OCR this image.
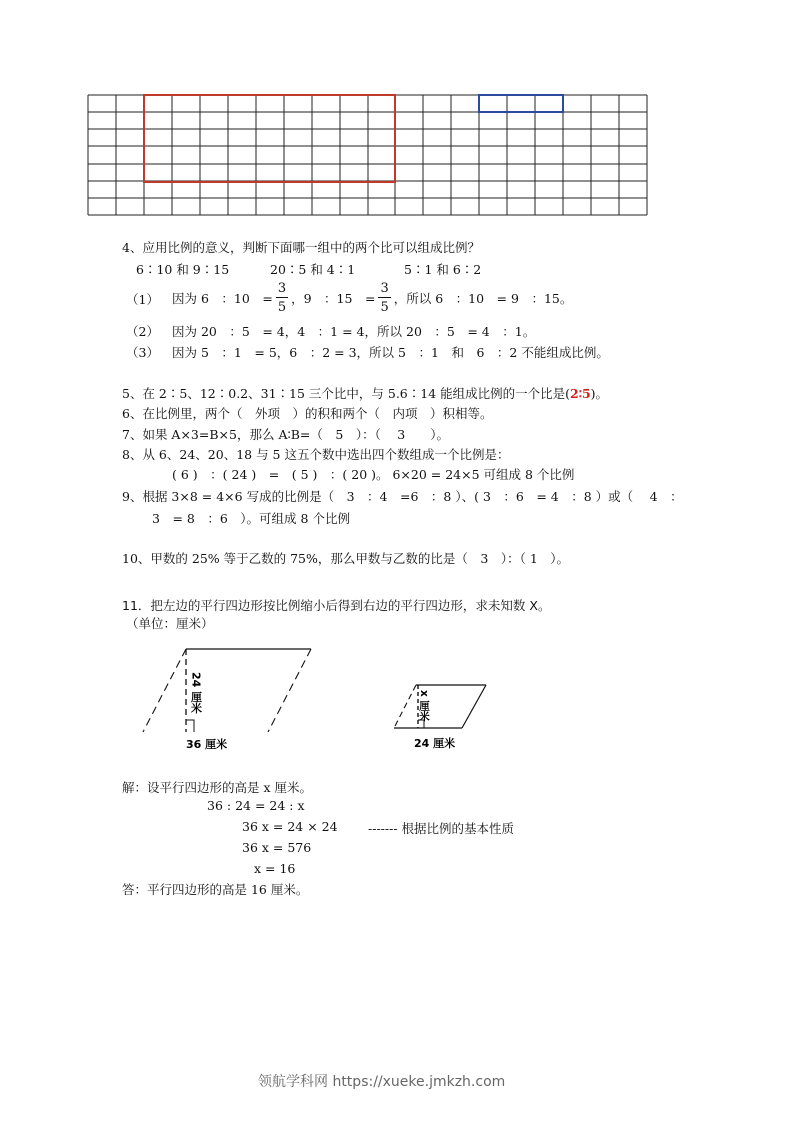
4、应用比例的意义，判断下面哪一组中的两个比可以组成比例？
6∶10 和 9∶15	20∶5 和 4∶1	5∶1 和 6∶2
（1） 因为 6　：10　= $\frac{3}{5}$ ，9　：15　= $\frac{3}{5}$ ，所以 6　：10　= 9　：15。
（2） 因为 20　：5　= 4，4　：1 = 4，所以 20　：5　= 4　：1。
（3） 因为 5　：1　= 5，6　：2 = 3，所以 5　：1　和　6　：2 不能组成比例。
5、在 2∶5、12∶0.2、31∶15 三个比中，与 5.6∶14 能组成比例的一个比是(2∶5)。
6、在比例里，两个（　外项　）的积和两个（　内项　）积相等。
7、如果 A×3=B×5，那么 A∶B=（　5　）：（　 3　　）。
8、从 6、24、20、18 与 5 这五个数中选出四个数组成一个比例是：
( 6 )　：( 24 )　=　( 5 )　：( 20 )。 6×20 = 24×5 可组成 8 个比例
9、根据 3×8 = 4×6 写成的比例是（　3　：4　=6　：8 ）、( 3　：6　= 4　：8 ）或（　 4　：
3　= 8　：6　）。可组成 8 个比例
10、甲数的 25% 等于乙数的 75%，那么甲数与乙数的比是（　3　）：（ 1　）。
11．把左边的平行四边形按比例缩小后得到右边的平行四边形，求未知数 X。
（单位：厘米）
24 厘米
36 厘米
x 厘米
24 厘米
解：设平行四边形的高是 x 厘米。
36 : 24 = 24 : x
36 x = 24 × 24 ------- 根据比例的基本性质
36 x = 576
x = 16
答：平行四边形的高是 16 厘米。
领航学科网 https://xueke.jmkzh.com
